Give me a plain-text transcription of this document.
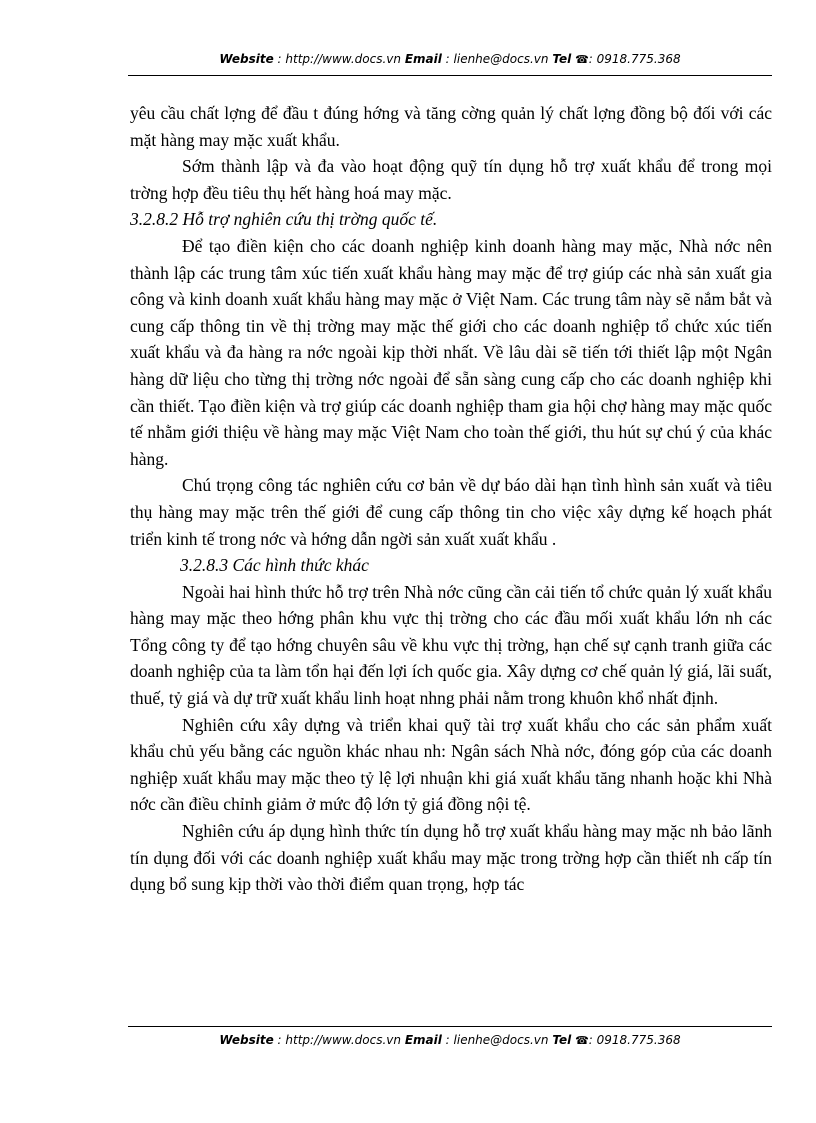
Website : http://www.docs.vn Email : lienhe@docs.vn Tel ☎: 0918.775.368

yêu cầu chất lợng để đầu t đúng hớng và tăng cờng quản lý chất lợng đồng bộ đối với các mặt hàng may mặc xuất khẩu.

Sớm thành lập và đa vào hoạt động quỹ tín dụng hỗ trợ xuất khẩu để trong mọi trờng hợp đều tiêu thụ hết hàng hoá may mặc.

3.2.8.2 Hỗ trợ nghiên cứu thị trờng quốc tế.

Để tạo điền kiện cho các doanh nghiệp kinh doanh hàng may mặc, Nhà nớc nên thành lập các trung tâm xúc tiến xuất khẩu hàng may mặc để trợ giúp các nhà sản xuất gia công và kinh doanh xuất khẩu hàng may mặc ở Việt Nam. Các trung tâm này sẽ nắm bắt và cung cấp thông tin về thị trờng may mặc thế giới cho các doanh nghiệp tổ chức xúc tiến xuất khẩu và đa hàng ra nớc ngoài kịp thời nhất. Về lâu dài sẽ tiến tới thiết lập một Ngân hàng dữ liệu cho từng thị trờng nớc ngoài để sẵn sàng cung cấp cho các doanh nghiệp khi cần thiết. Tạo điền kiện và trợ giúp các doanh nghiệp tham gia hội chợ hàng may mặc quốc tế nhằm giới thiệu về hàng may mặc Việt Nam cho toàn thế giới, thu hút sự chú ý của khác hàng.

Chú trọng công tác nghiên cứu cơ bản về dự báo dài hạn tình hình sản xuất và tiêu thụ hàng may mặc trên thế giới để cung cấp thông tin cho việc xây dựng kế hoạch phát triển kinh tế trong nớc và hớng dẫn ngời sản xuất xuất khẩu .

3.2.8.3 Các hình thức khác

Ngoài hai hình thức hỗ trợ trên Nhà nớc cũng cần cải tiến tổ chức quản lý xuất khẩu hàng may mặc theo hớng phân khu vực thị trờng cho các đầu mối xuất khẩu lớn nh các Tổng công ty để tạo hớng chuyên sâu về khu vực thị trờng, hạn chế sự cạnh tranh giữa các doanh nghiệp của ta làm tổn hại đến lợi ích quốc gia. Xây dựng cơ chế quản lý giá, lãi suất, thuế, tỷ giá và dự trữ xuất khẩu linh hoạt nhng phải nằm trong khuôn khổ nhất định.

Nghiên cứu xây dựng và triển khai quỹ tài trợ xuất khẩu cho các sản phẩm xuất khẩu chủ yếu bằng các nguồn khác nhau nh: Ngân sách Nhà nớc, đóng góp của các doanh nghiệp xuất khẩu may mặc theo tỷ lệ lợi nhuận khi giá xuất khẩu tăng nhanh hoặc khi Nhà nớc cần điều chỉnh giảm ở mức độ lớn tỷ giá đồng nội tệ.

Nghiên cứu áp dụng hình thức tín dụng hỗ trợ xuất khẩu hàng may mặc nh bảo lãnh tín dụng đối với các doanh nghiệp xuất khẩu may mặc trong trờng hợp cần thiết nh cấp tín dụng bổ sung kịp thời vào thời điểm quan trọng, hợp tác

Website : http://www.docs.vn Email : lienhe@docs.vn Tel ☎: 0918.775.368
